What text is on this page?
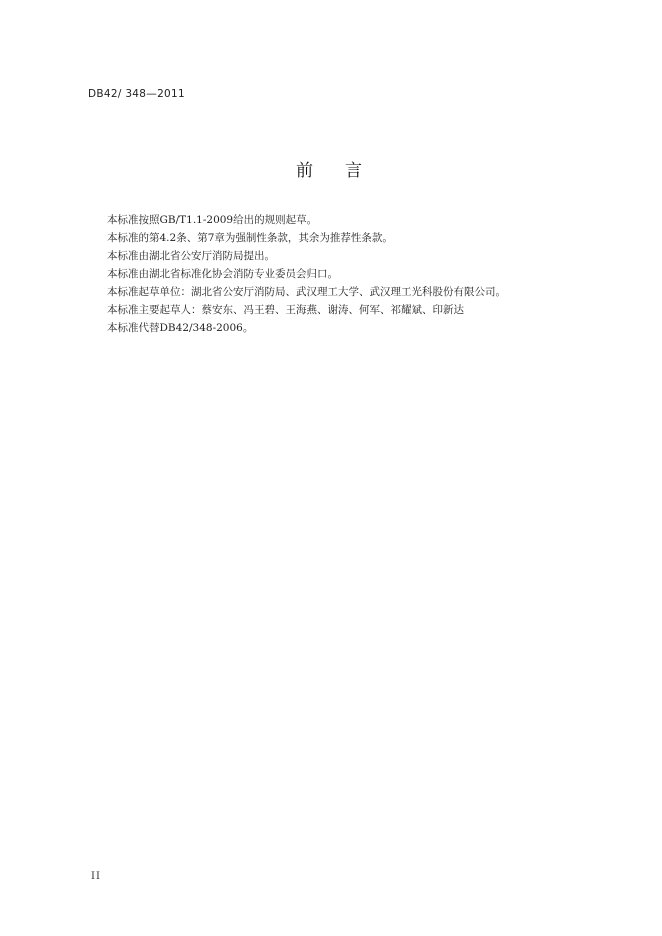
DB42/ 348—2011
前 言
本标准按照GB/T1.1-2009给出的规则起草。
本标准的第4.2条、第7章为强制性条款，其余为推荐性条款。
本标准由湖北省公安厅消防局提出。
本标准由湖北省标准化协会消防专业委员会归口。
本标准起草单位：湖北省公安厅消防局、武汉理工大学、武汉理工光科股份有限公司。
本标准主要起草人：蔡安东、冯王碧、王海燕、谢涛、何军、祁耀斌、印新达
本标准代替DB42/348-2006。
II
